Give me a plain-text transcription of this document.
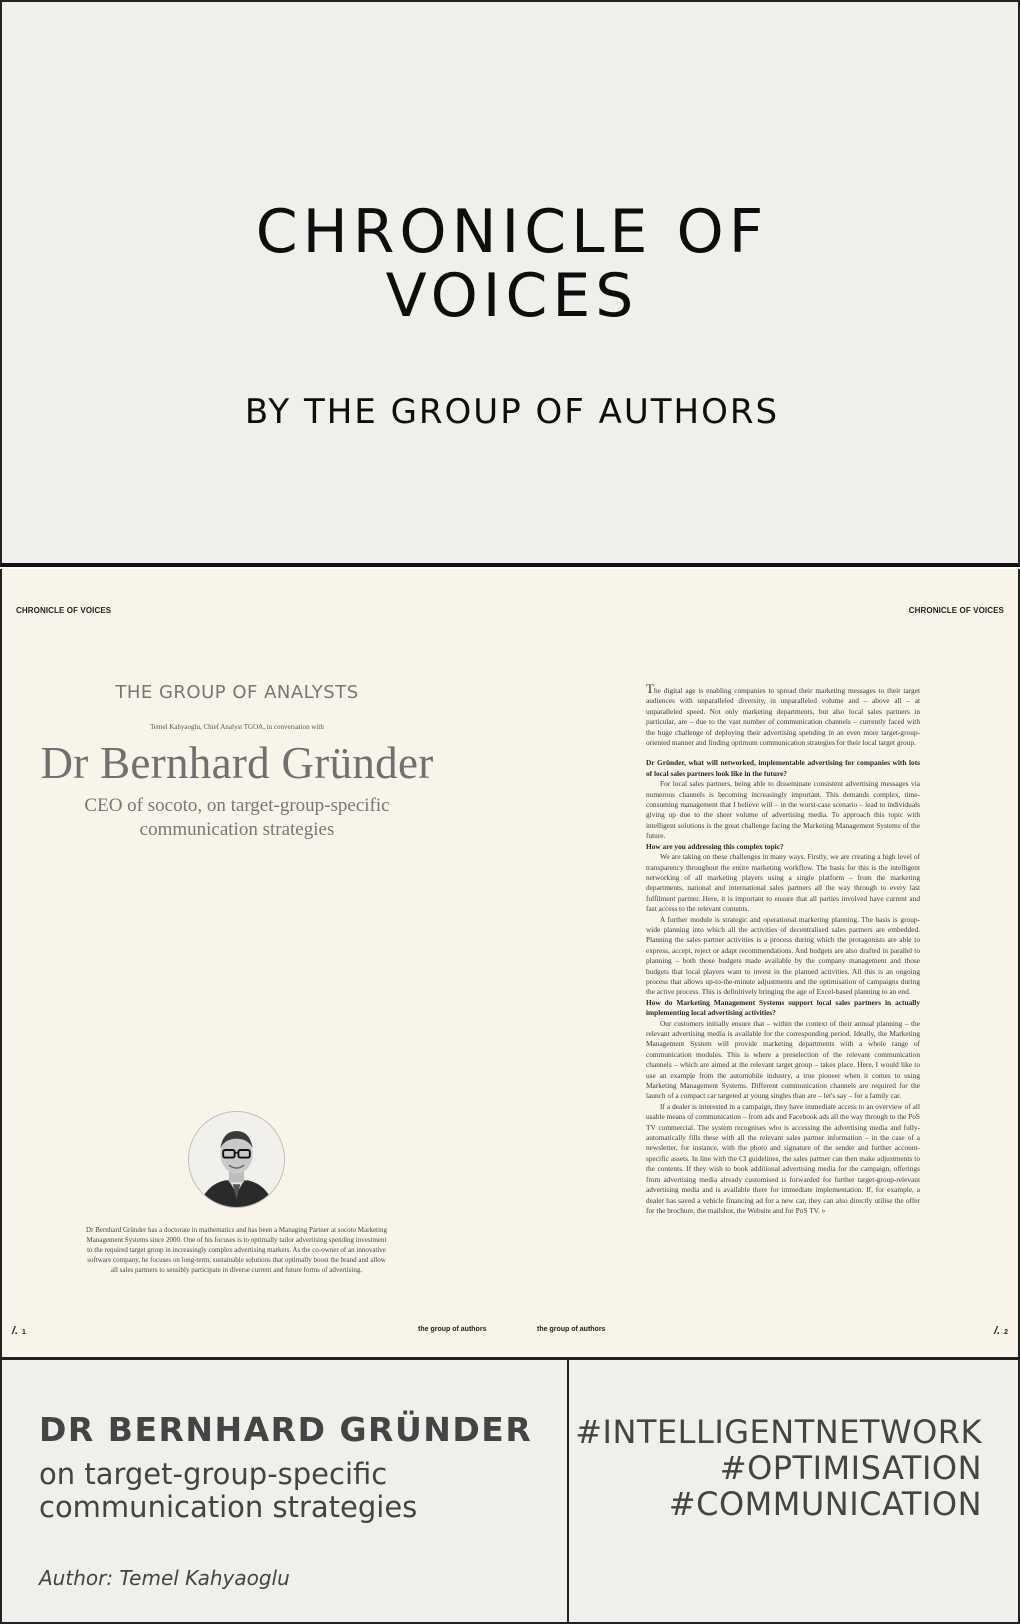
CHRONICLE OF
VOICES
BY THE GROUP OF AUTHORS
CHRONICLE OF VOICES	CHRONICLE OF VOICES
THE GROUP OF ANALYSTS
Temel Kahyaoglu, Chief Analyst TGOA, in conversation with
Dr Bernhard Gründer
CEO of socoto, on target-group-specific
communication strategies
Dr Bernhard Gründer has a doctorate in mathematics and has been a Managing Partner at socoto Marketing Management Systems since 2000. One of his focuses is to optimally tailor advertising spending investment to the required target group in increasingly complex advertising markets. As the co-owner of an innovative software company, he focuses on long-term, sustainable solutions that optimally boost the brand and allow all sales partners to sensibly participate in diverse current and future forms of advertising.
/. 1	the group of authors

The digital age is enabling companies to spread their marketing messages to their target audiences with unparalleled diversity, in unparalleled volume and – above all – at unparalleled speed. Not only marketing departments, but also local sales partners in particular, are – due to the vast number of communication channels – currently faced with the huge challenge of deploying their advertising spending in an even more target-group-oriented manner and finding optimum communication strategies for their local target group.

Dr Gründer, what will networked, implementable advertising for companies with lots of local sales partners look like in the future?

For local sales partners, being able to disseminate consistent advertising messages via numerous channels is becoming increasingly important. This demands complex, time-consuming management that I believe will – in the worst-case scenario – lead to individuals giving up due to the sheer volume of advertising media. To approach this topic with intelligent solutions is the great challenge facing the Marketing Management Systems of the future.

How are you addressing this complex topic?

We are taking on these challenges in many ways. Firstly, we are creating a high level of transparency throughout the entire marketing workflow. The basis for this is the intelligent networking of all marketing players using a single platform – from the marketing departments, national and international sales partners all the way through to every last fulfilment partner. Here, it is important to ensure that all parties involved have current and fast access to the relevant contents.

A further module is strategic and operational marketing planning. The basis is group-wide planning into which all the activities of decentralised sales partners are embedded. Planning the sales partner activities is a process during which the protagonists are able to express, accept, reject or adapt recommendations. And budgets are also drafted in parallel to planning – both those budgets made available by the company management and those budgets that local players want to invest in the planned activities. All this is an ongoing process that allows up-to-the-minute adjustments and the optimisation of campaigns during the active process. This is definitively bringing the age of Excel-based planning to an end.

How do Marketing Management Systems support local sales partners in actually implementing local advertising activities?

Our customers initially ensure that – within the context of their annual planning – the relevant advertising media is available for the corresponding period. Ideally, the Marketing Management System will provide marketing departments with a whole range of communication modules. This is where a preselection of the relevant communication channels – which are aimed at the relevant target group – takes place. Here, I would like to use an example from the automobile industry, a true pioneer when it comes to using Marketing Management Systems. Different communication channels are required for the launch of a compact car targeted at young singles than are – let's say – for a family car.

If a dealer is interested in a campaign, they have immediate access to an overview of all usable means of communication – from ads and Facebook ads all the way through to the PoS TV commercial. The system recognises who is accessing the advertising media and fully-automatically fills these with all the relevant sales partner information – in the case of a newsletter, for instance, with the photo and signature of the sender and further account-specific assets. In line with the CI guidelines, the sales partner can then make adjustments to the contents. If they wish to book additional advertising media for the campaign, offerings from advertising media already customised is forwarded for further target-group-relevant advertising media and is available there for immediate implementation. If, for example, a dealer has saved a vehicle financing ad for a new car, they can also directly utilise the offer for the brochure, the mailshot, the Website and for PoS TV. »

the group of authors	/. 2
DR BERNHARD GRÜNDER
on target-group-specific
communication strategies
Author: Temel Kahyaoglu
#INTELLIGENTNETWORK
#OPTIMISATION
#COMMUNICATION
